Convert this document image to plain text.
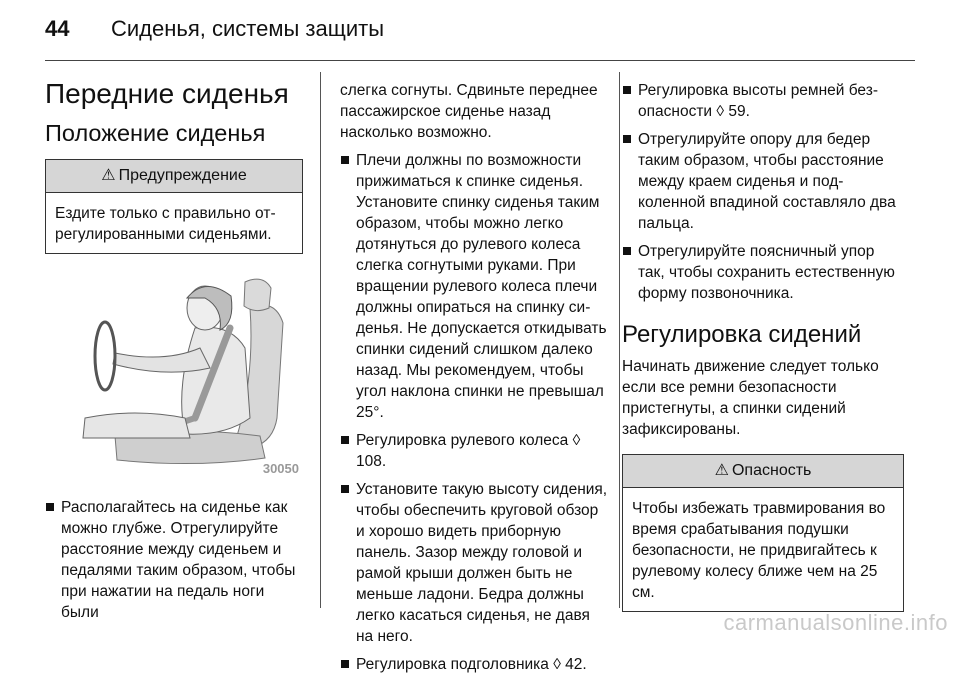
44 Сиденья, системы защиты
Передние сиденья
Положение сиденья
⚠ Предупреждение
Ездите только с правильно отрегулированными сиденьями.
30050
Располагайтесь на сиденье как можно глубже. Отрегулируйте расстояние между сиденьем и педалями таким образом, чтобы при нажатии на педаль ноги были

слегка согнуты. Сдвиньте переднее пассажирское сиденье назад насколько возможно.

Плечи должны по возможности прижиматься к спинке сиденья. Установите спинку сиденья таким образом, чтобы можно легко дотянуться до рулевого колеса слегка согнутыми руками. При вращении рулевого колеса плечи должны опираться на спинку сиденья. Не допускается откидывать спинки сидений слишком далеко назад. Мы рекомендуем, чтобы угол наклона спинки не превышал 25°.
Регулировка рулевого колеса ◊ 108.
Установите такую высоту сидения, чтобы обеспечить круговой обзор и хорошо видеть приборную панель. Зазор между головой и рамой крыши должен быть не меньше ладони. Бедра должны легко касаться сиденья, не давя на него.
Регулировка подголовника ◊ 42.
Регулировка высоты ремней безопасности ◊ 59.
Отрегулируйте опору для бедер таким образом, чтобы расстояние между краем сиденья и подколенной впадиной составляло два пальца.
Отрегулируйте поясничный упор так, чтобы сохранить естественную форму позвоночника.
Регулировка сидений

Начинать движение следует только если все ремни безопасности пристегнуты, а спинки сидений зафиксированы.

⚠ Опасность
Чтобы избежать травмирования во время срабатывания подушки безопасности, не придвигайтесь к рулевому колесу ближе чем на 25 см.
carmanualsonline.info
